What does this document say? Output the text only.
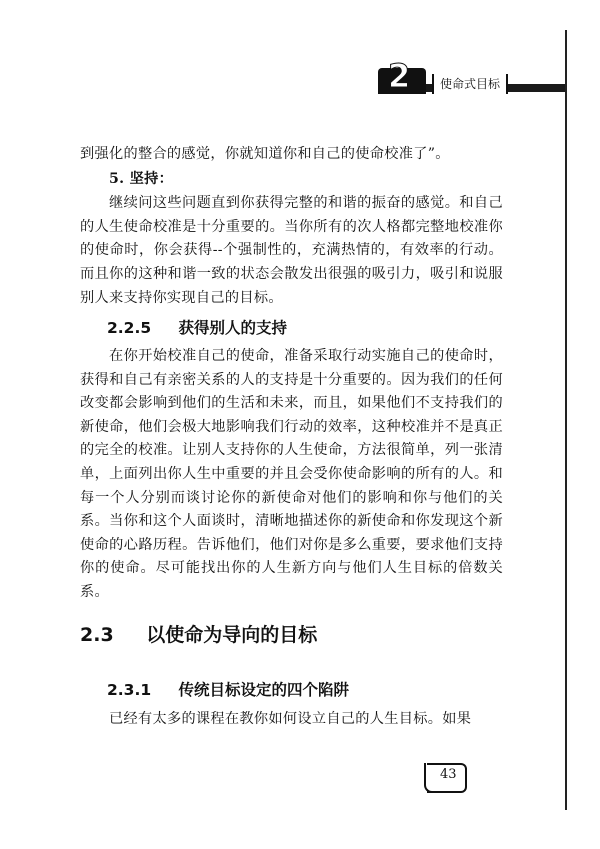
2	使命式目标

到强化的整合的感觉，你就知道你和自己的使命校准了”。

5. 坚持：

继续问这些问题直到你获得完整的和谐的振奋的感觉。和自己的人生使命校准是十分重要的。当你所有的次人格都完整地校准你的使命时，你会获得--个强制性的，充满热情的，有效率的行动。而且你的这种和谐一致的状态会散发出很强的吸引力，吸引和说服别人来支持你实现自己的目标。

2.2.5 获得别人的支持

在你开始校准自己的使命，准备采取行动实施自己的使命时，获得和自己有亲密关系的人的支持是十分重要的。因为我们的任何改变都会影响到他们的生活和未来，而且，如果他们不支持我们的新使命，他们会极大地影响我们行动的效率，这种校准并不是真正的完全的校准。让别人支持你的人生使命，方法很简单，列一张清单，上面列出你人生中重要的并且会受你使命影响的所有的人。和每一个人分别而谈讨论你的新使命对他们的影响和你与他们的关系。当你和这个人面谈时，清晰地描述你的新使命和你发现这个新使命的心路历程。告诉他们，他们对你是多么重要，要求他们支持你的使命。尽可能找出你的人生新方向与他们人生目标的倍数关系。

2.3 以使命为导向的目标
2.3.1 传统目标设定的四个陷阱

已经有太多的课程在教你如何设立自己的人生目标。如果

43
